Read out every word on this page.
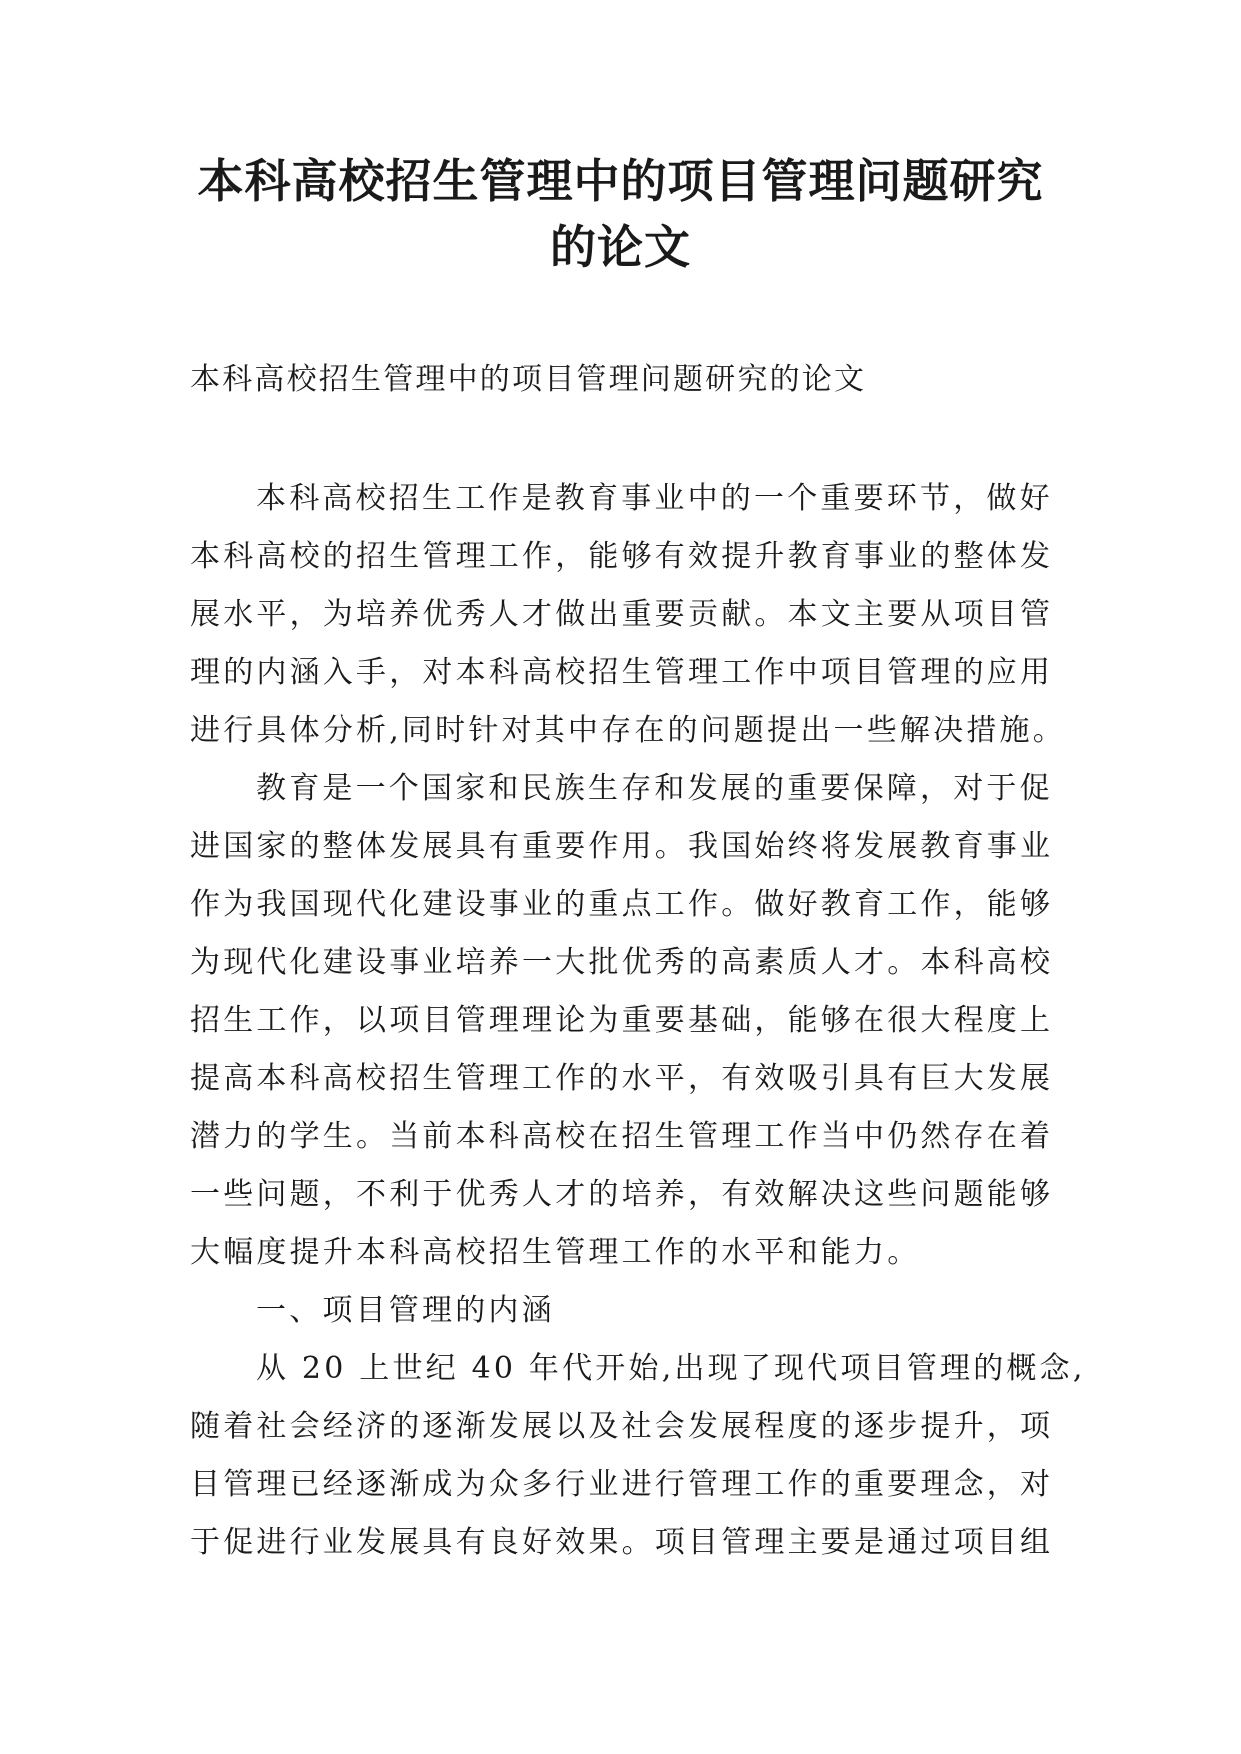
本科高校招生管理中的项目管理问题研究
的论文

本科高校招生管理中的项目管理问题研究的论文

本科高校招生工作是教育事业中的一个重要环节，做好
本科高校的招生管理工作，能够有效提升教育事业的整体发
展水平，为培养优秀人才做出重要贡献。本文主要从项目管
理的内涵入手，对本科高校招生管理工作中项目管理的应用
进行具体分析,同时针对其中存在的问题提出一些解决措施。
教育是一个国家和民族生存和发展的重要保障，对于促
进国家的整体发展具有重要作用。我国始终将发展教育事业
作为我国现代化建设事业的重点工作。做好教育工作，能够
为现代化建设事业培养一大批优秀的高素质人才。本科高校
招生工作，以项目管理理论为重要基础，能够在很大程度上
提高本科高校招生管理工作的水平，有效吸引具有巨大发展
潜力的学生。当前本科高校在招生管理工作当中仍然存在着
一些问题，不利于优秀人才的培养，有效解决这些问题能够
大幅度提升本科高校招生管理工作的水平和能力。
一、项目管理的内涵
从 20 上世纪 40 年代开始,出现了现代项目管理的概念,
随着社会经济的逐渐发展以及社会发展程度的逐步提升，项
目管理已经逐渐成为众多行业进行管理工作的重要理念，对
于促进行业发展具有良好效果。项目管理主要是通过项目组
